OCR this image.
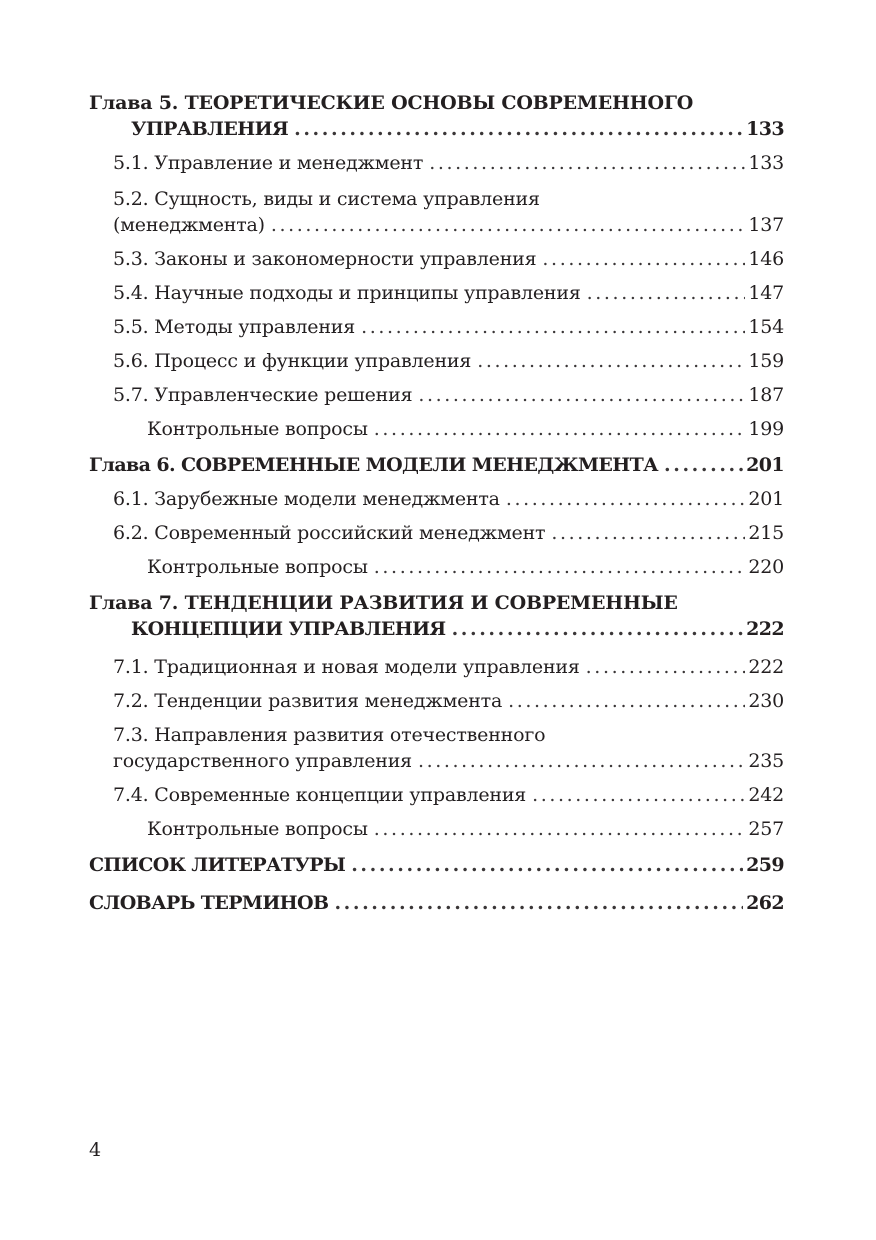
Глава 5. ТЕОРЕТИЧЕСКИЕ ОСНОВЫ СОВРЕМЕННОГО
УПРАВЛЕНИЯ .....	133
5.1. Управление и менеджмент .....	133
5.2. Сущность, виды и система управления
(менеджмента) .....	137
5.3. Законы и закономерности управления .....	146
5.4. Научные подходы и принципы управления .....	147
5.5. Методы управления .....	154
5.6. Процесс и функции управления .....	159
5.7. Управленческие решения .....	187
Контрольные вопросы .....	199
Глава 6. СОВРЕМЕННЫЕ МОДЕЛИ МЕНЕДЖМЕНТА .....	201
6.1. Зарубежные модели менеджмента .....	201
6.2. Современный российский менеджмент .....	215
Контрольные вопросы .....	220
Глава 7. ТЕНДЕНЦИИ РАЗВИТИЯ И СОВРЕМЕННЫЕ
КОНЦЕПЦИИ УПРАВЛЕНИЯ .....	222
7.1. Традиционная и новая модели управления .....	222
7.2. Тенденции развития менеджмента .....	230
7.3. Направления развития отечественного
государственного управления .....	235
7.4. Современные концепции управления .....	242
Контрольные вопросы .....	257
СПИСОК ЛИТЕРАТУРЫ .....	259
СЛОВАРЬ ТЕРМИНОВ .....	262
4
